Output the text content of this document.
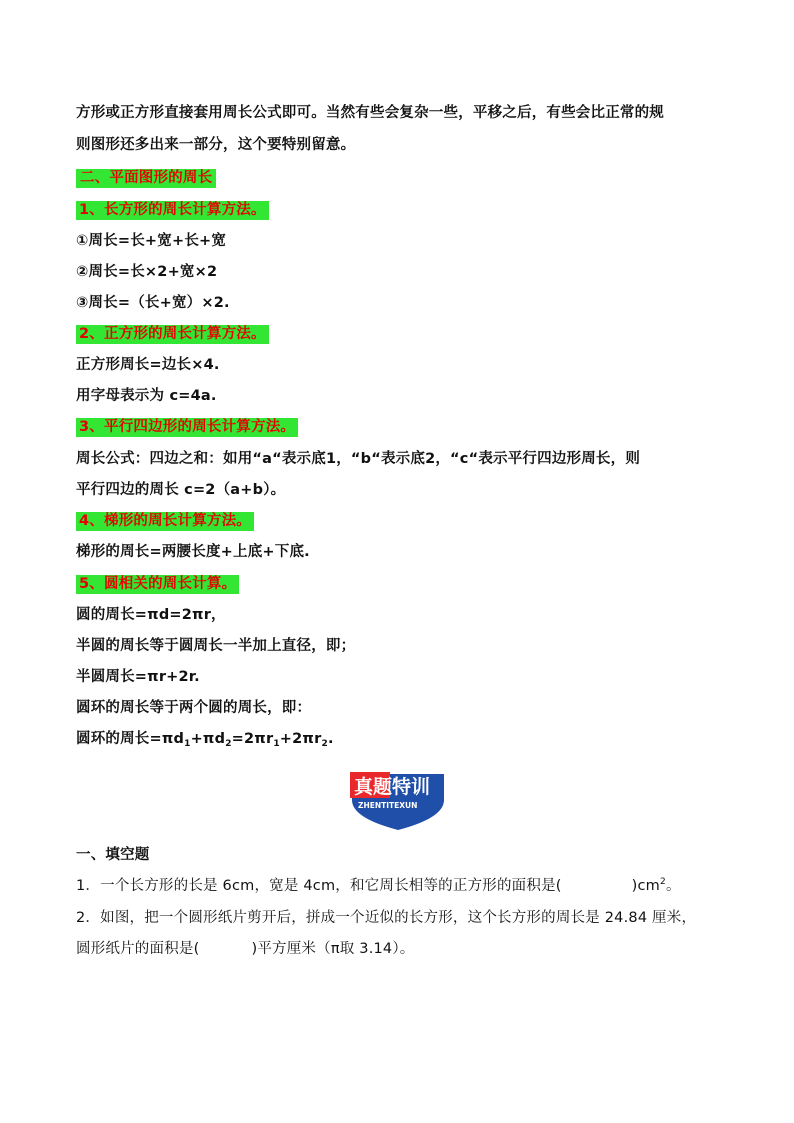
方形或正方形直接套用周长公式即可。当然有些会复杂一些，平移之后，有些会比正常的规
则图形还多出来一部分，这个要特别留意。
二、平面图形的周长
1、长方形的周长计算方法。
①周长=长+宽+长+宽
②周长=长×2+宽×2
③周长=（长+宽）×2.
2、正方形的周长计算方法。
正方形周长=边长×4.
用字母表示为 c=4a.
3、平行四边形的周长计算方法。
周长公式：四边之和：如用“a“表示底1，“b“表示底2，“c“表示平行四边形周长，则
平行四边的周长 c=2（a+b）。
4、梯形的周长计算方法。
梯形的周长=两腰长度+上底+下底.
5、圆相关的周长计算。
圆的周长=πd=2πr，
半圆的周长等于圆周长一半加上直径，即；
半圆周长=πr+2r.
圆环的周长等于两个圆的周长，即：
圆环的周长$=\pi d_1+\pi d_2=2\pi r_1+2\pi r_2$.
真题特训
ZHENTITEXUN
一、填空题
1．一个长方形的长是 6cm，宽是 4cm，和它周长相等的正方形的面积是(	)$cm^2$。
2．如图，把一个圆形纸片剪开后，拼成一个近似的长方形，这个长方形的周长是 24.84 厘米，
圆形纸片的面积是(	)平方厘米（π取 3.14）。
